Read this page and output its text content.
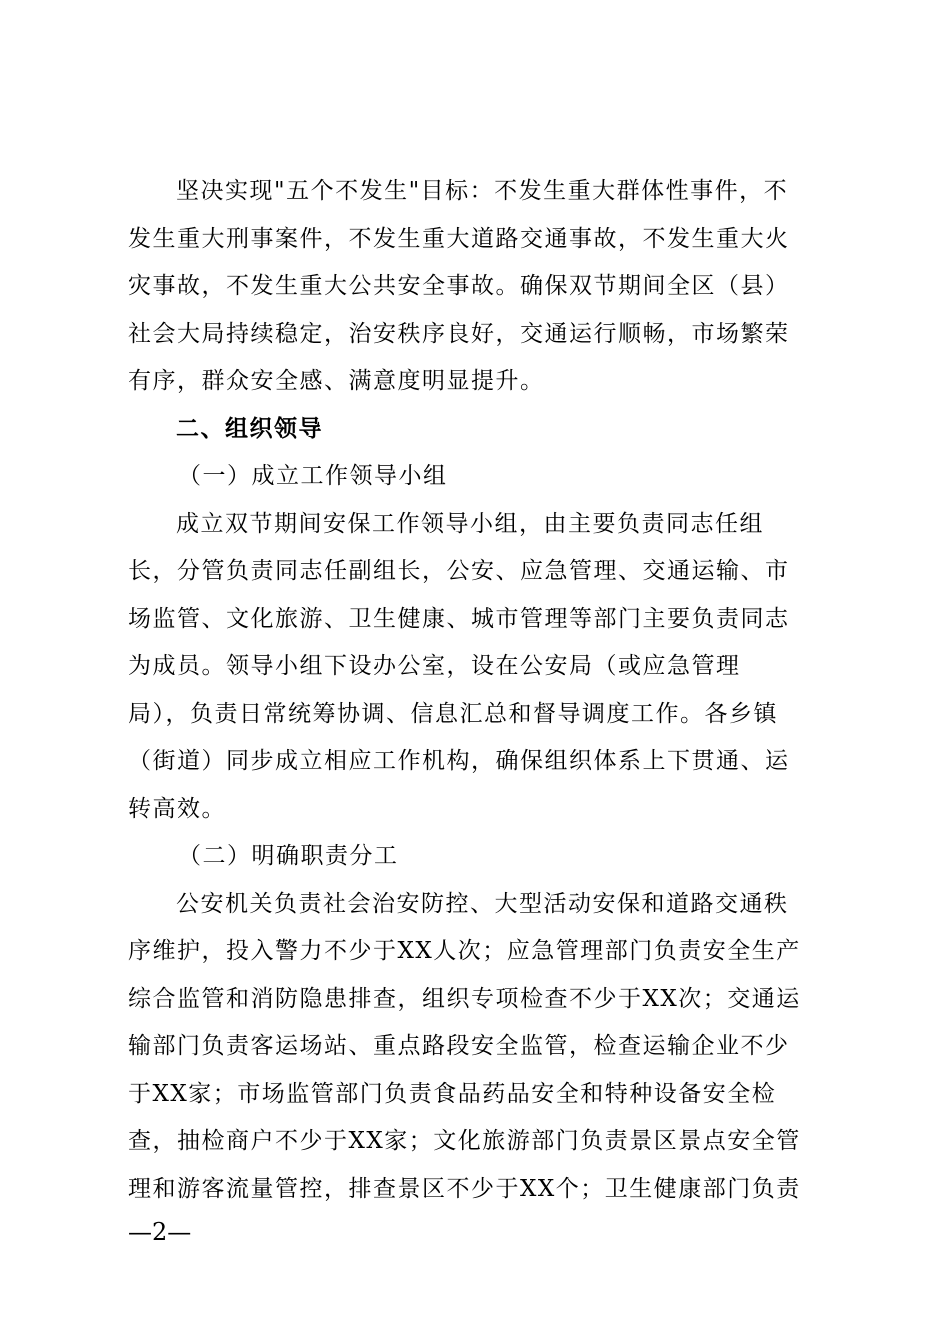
坚决实现"五个不发生"目标：不发生重大群体性事件，不
发生重大刑事案件，不发生重大道路交通事故，不发生重大火
灾事故，不发生重大公共安全事故。确保双节期间全区（县）
社会大局持续稳定，治安秩序良好，交通运行顺畅，市场繁荣
有序，群众安全感、满意度明显提升。
二、组织领导
（一）成立工作领导小组
成立双节期间安保工作领导小组，由主要负责同志任组
长，分管负责同志任副组长，公安、应急管理、交通运输、市
场监管、文化旅游、卫生健康、城市管理等部门主要负责同志
为成员。领导小组下设办公室，设在公安局（或应急管理
局），负责日常统筹协调、信息汇总和督导调度工作。各乡镇
（街道）同步成立相应工作机构，确保组织体系上下贯通、运
转高效。
（二）明确职责分工
公安机关负责社会治安防控、大型活动安保和道路交通秩
序维护，投入警力不少于XX人次；应急管理部门负责安全生产
综合监管和消防隐患排查，组织专项检查不少于XX次；交通运
输部门负责客运场站、重点路段安全监管，检查运输企业不少
于XX家；市场监管部门负责食品药品安全和特种设备安全检
查，抽检商户不少于XX家；文化旅游部门负责景区景点安全管
理和游客流量管控，排查景区不少于XX个；卫生健康部门负责
—2—
